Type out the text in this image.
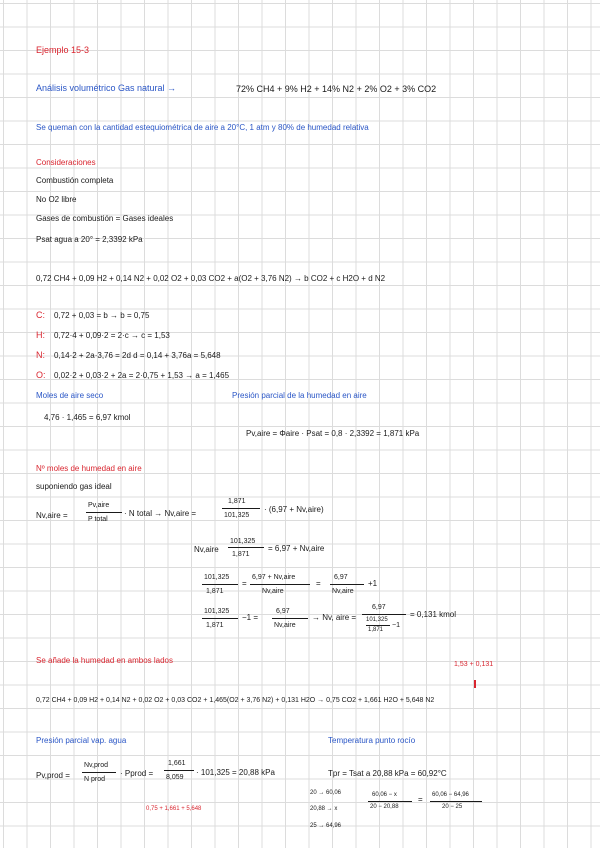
Ejemplo 15-3
Análisis volumétrico Gas natural →	72% CH4 + 9% H2 + 14% N2 + 2% O2 + 3% CO2
Se queman con la cantidad estequiométrica de aire a 20°C, 1 atm y 80% de humedad relativa
Consideraciones
Combustión completa
No O2 libre
Gases de combustión = Gases ideales
Psat agua a 20° = 2,3392 kPa
0,72 CH4 + 0,09 H2 + 0,14 N2 + 0,02 O2 + 0,03 CO2 + a(O2 + 3,76 N2) → b CO2 + c H2O + d N2
C: 0,72 + 0,03 = b → b = 0,75
H: 0,72·4 + 0,09·2 = 2·c → c = 1,53
N: 0,14·2 + 2a·3,76 = 2d d = 0,14 + 3,76a = 5,648
O: 0,02·2 + 0,03·2 + 2a = 2·0,75 + 1,53 → a = 1,465
Moles de aire seco
4,76 · 1,465 = 6,97 kmol
Presión parcial de la humedad en aire
Pv,aire = Φaire · Psat = 0,8 · 2,3392 = 1,871 kPa
Nº moles de humedad en aire
suponiendo gas ideal
Nv,aire =
Pv,aire
P total
· N total → Nv,aire =
1,871
101,325
· (6,97 + Nv,aire)
Nv,aire
101,325
1,871
= 6,97 + Nv,aire
101,325
1,871
=
6,97 + Nv,aire
Nv,aire
=
6,97
Nv,aire
+1
101,325
1,871
−1 =
6,97
Nv,aire
→ Nv, aire =
6,97
101,325
1,871
−1
= 0,131 kmol
Se añade la humedad en ambos lados	1,53 + 0,131
0,72 CH4 + 0,09 H2 + 0,14 N2 + 0,02 O2 + 0,03 CO2 + 1,465(O2 + 3,76 N2) + 0,131 H2O → 0,75 CO2 + 1,661 H2O + 5,648 N2
Presión parcial vap. agua
Pv,prod =
Nv,prod
N prod
· Pprod =
1,661
8,059
· 101,325 = 20,88 kPa
0,75 + 1,661 + 5,648
Temperatura punto rocío
Tpr = Tsat a 20,88 kPa = 60,92°C
20 → 60,06
20,88 → x
25 → 64,96
60,06 − x
20 − 20,88
= 60,06 − 64,96
20 − 25
